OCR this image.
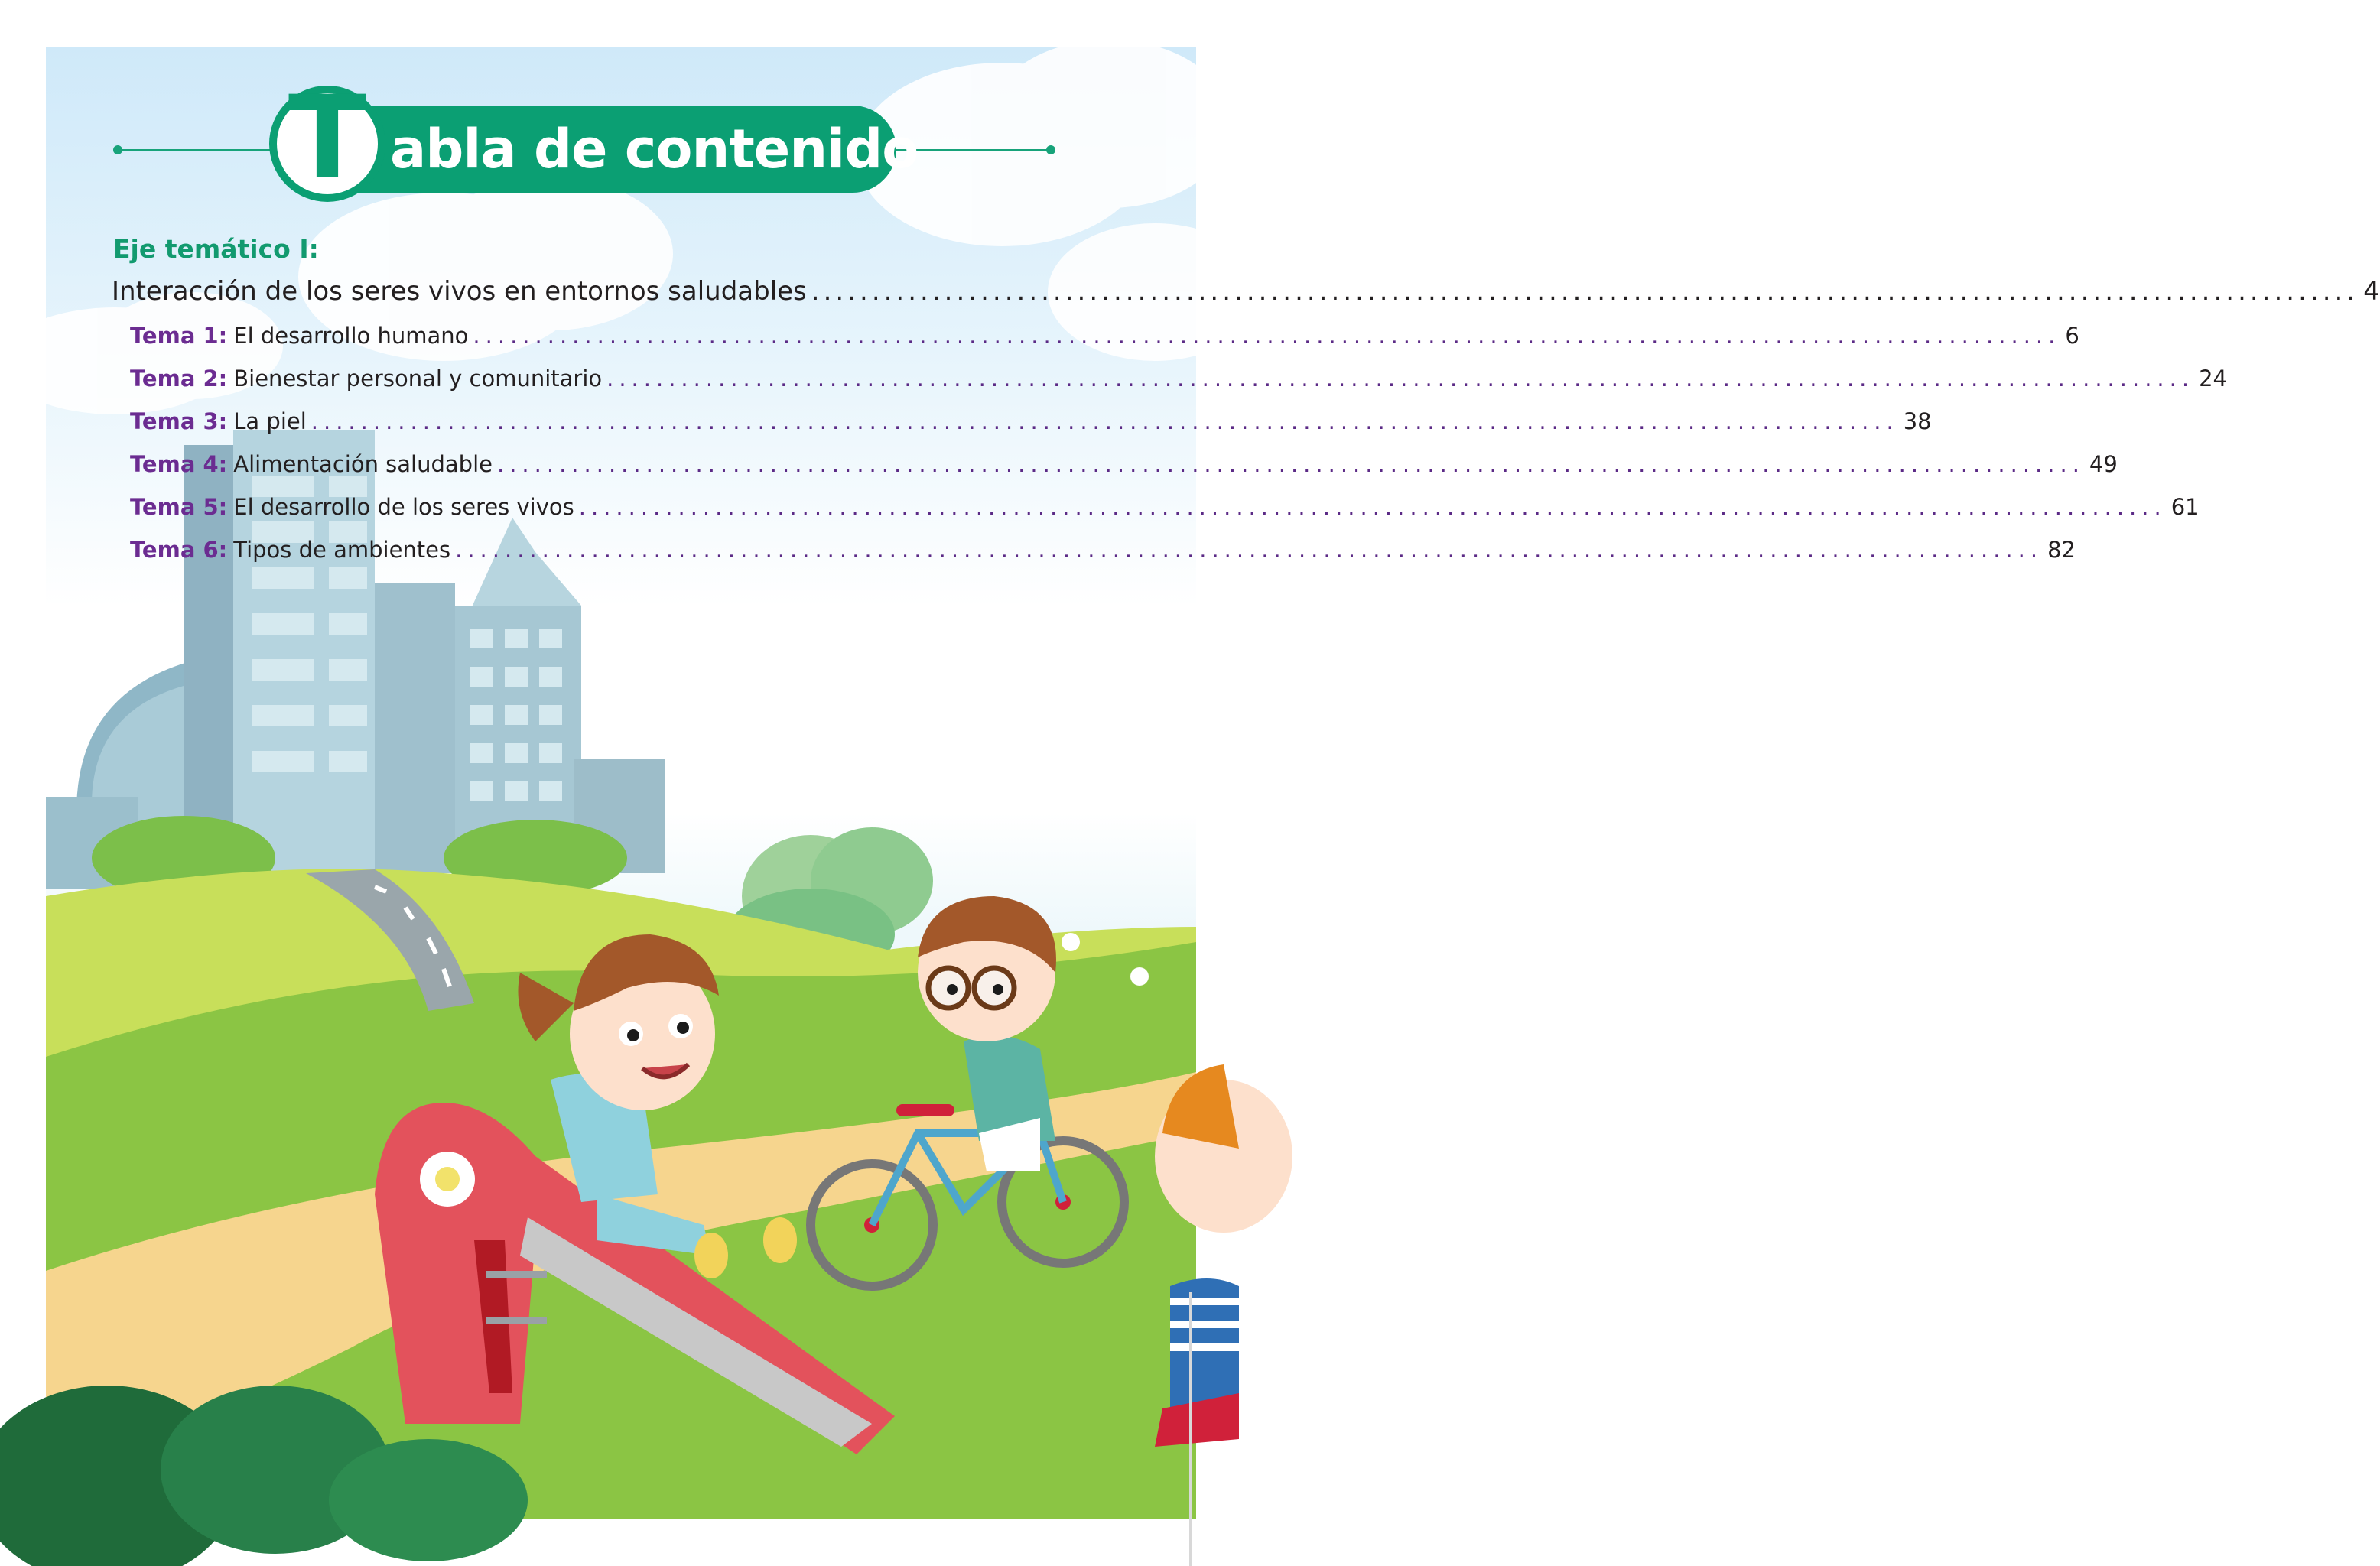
T abla de contenido
Eje temático I:
Interacción de los seres vivos en entornos saludables ................................................................................................................................ 4
Tema 1: El desarrollo humano ................................................................................................................................ 6
Tema 2: Bienestar personal y comunitario ................................................................................................................................ 24
Tema 3: La piel ................................................................................................................................ 38
Tema 4: Alimentación saludable ................................................................................................................................ 49
Tema 5: El desarrollo de los seres vivos ................................................................................................................................ 61
Tema 6: Tipos de ambientes ................................................................................................................................ 82
